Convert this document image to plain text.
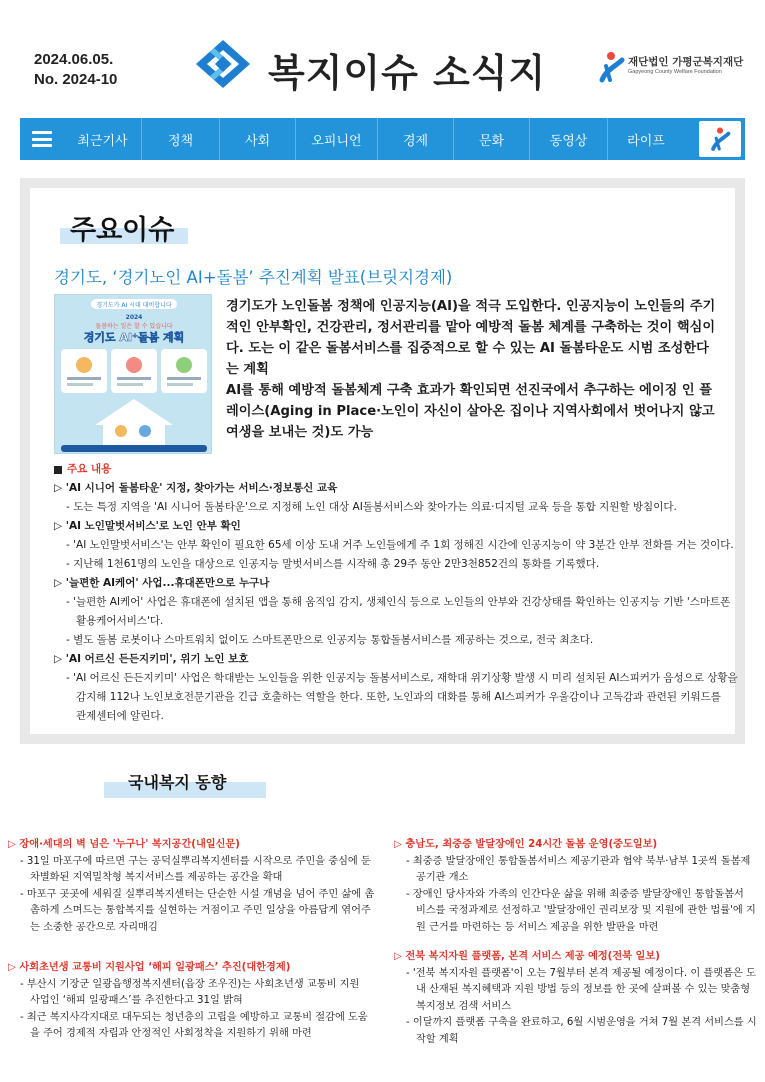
2024.06.05.
No. 2024-10	복지이슈 소식지	재단법인 가평군복지재단
Gapyeong County Welfare Foundation
최근기사	정책	사회	오피니언	경제	문화	동영상	라이프
주요이슈
경기도, ‘경기노인 AI+돌봄’ 추진계획 발표(브릿지경제)
경기도가 AI 시대 대비합니다
2024
돌봄하는 일은 할 수 있습니다
경기도 AI⁺돌봄 계획

경기도가 노인돌봄 정책에 인공지능(AI)을 적극 도입한다. 인공지능이 노인들의 주기적인 안부확인, 건강관리, 정서관리를 맡아 예방적 돌봄 체계를 구축하는 것이 핵심이다. 도는 이 같은 돌봄서비스를 집중적으로 할 수 있는 AI 돌봄타운도 시범 조성한다는 계획

AI를 통해 예방적 돌봄체계 구축 효과가 확인되면 선진국에서 추구하는 에이징 인 플레이스(Aging in Place·노인이 자신이 살아온 집이나 지역사회에서 벗어나지 않고 여생을 보내는 것)도 가능

주요 내용
▷ 'AI 시니어 돌봄타운' 지정, 찾아가는 서비스·정보통신 교육
- 도는 특정 지역을 'AI 시니어 돌봄타운'으로 지정해 노인 대상 AI돌봄서비스와 찾아가는 의료·디지털 교육 등을 통합 지원할 방침이다.
▷ 'AI 노인말벗서비스'로 노인 안부 확인
- 'AI 노인말벗서비스'는 안부 확인이 필요한 65세 이상 도내 거주 노인들에게 주 1회 정해진 시간에 인공지능이 약 3분간 안부 전화를 거는 것이다.
- 지난해 1천61명의 노인을 대상으로 인공지능 말벗서비스를 시작해 총 29주 동안 2만3천852건의 통화를 기록했다.
▷ '늘편한 AI케어' 사업...휴대폰만으로 누구나
- '늘편한 AI케어' 사업은 휴대폰에 설치된 앱을 통해 움직임 감지, 생체인식 등으로 노인들의 안부와 건강상태를 확인하는 인공지능 기반 '스마트폰
활용케어서비스'다.
- 별도 돌봄 로봇이나 스마트워치 없이도 스마트폰만으로 인공지능 통합돌봄서비스를 제공하는 것으로, 전국 최초다.
▷ 'AI 어르신 든든지키미', 위기 노인 보호
- 'AI 어르신 든든지키미' 사업은 학대받는 노인들을 위한 인공지능 돌봄서비스로, 재학대 위기상황 발생 시 미리 설치된 AI스피커가 음성으로 상황을
감지해 112나 노인보호전문기관을 긴급 호출하는 역할을 한다. 또한, 노인과의 대화를 통해 AI스피커가 우울감이나 고독감과 관련된 키워드를
관제센터에 알린다.
국내복지 동향
▷ 장애·세대의 벽 넘은 '누구나' 복지공간(내일신문)
- 31일 마포구에 따르면 구는 공덕실뿌리복지센터를 시작으로 주민을 중심에 둔
차별화된 지역밀착형 복지서비스를 제공하는 공간을 확대
- 마포구 곳곳에 세워질 실뿌리복지센터는 단순한 시설 개념을 넘어 주민 삶에 촘
촘하게 스며드는 통합복지를 실현하는 거점이고 주민 일상을 아름답게 엮어주
는 소중한 공간으로 자리매김
▷ 사회초년생 교통비 지원사업 ‘해피 일광패스’ 추진(대한경제)
- 부산시 기장군 일광읍행정복지센터(읍장 조우진)는 사회초년생 교통비 지원
사업인 ‘해피 일광패스’를 추진한다고 31일 밝혀
- 최근 복지사각지대로 대두되는 청년층의 고립을 예방하고 교통비 절감에 도움
을 주어 경제적 자립과 안정적인 사회정착을 지원하기 위해 마련
▷ 충남도, 최중증 발달장애인 24시간 돌봄 운영(중도일보)
- 최중증 발달장애인 통합돌봄서비스 제공기관과 협약 북부·남부 1곳씩 돌봄제
공기관 개소
- 장애인 당사자와 가족의 인간다운 삶을 위해 최중증 발달장애인 통합돌봄서
비스를 국정과제로 선정하고 '발달장애인 권리보장 및 지원에 관한 법률'에 지
원 근거를 마련하는 등 서비스 제공을 위한 발판을 마련
▷ 전북 복지자원 플랫폼, 본격 서비스 제공 예정(전북 일보)
- '전북 복지자원 플랫폼'이 오는 7월부터 본격 제공될 예정이다. 이 플랫폼은 도
내 산재된 복지혜택과 지원 방법 등의 정보를 한 곳에 살펴볼 수 있는 맞춤형
복지정보 검색 서비스
- 이달까지 플랫폼 구축을 완료하고, 6월 시범운영을 거쳐 7월 본격 서비스를 시
작할 계획
